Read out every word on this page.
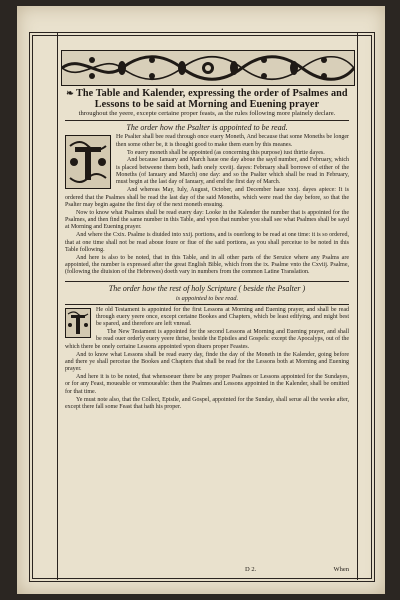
❧ The Table and Kalender, expressing the order of Psalmes and Lessons to be said at Morning and Euening prayer

throughout the yeere, excepte certaine proper feasts, as the rules following more plainely declare.

The order how the Psalter is appointed to be read.

He Psalter shall bee read through once euery Moneth, And because that some Moneths be longer then some other be, it is thought good to make them euen by this meanes.

To euery moneth shall be appointed (as concerning this purpose) iust thirtie dayes.

And because Ianuary and March haue one day aboue the sayd number, and February, which is placed betweene them both, hath onely xxviij. dayes: February shall borrowe of either of the Moneths (of Ianuary and March) one day: and so the Psalter which shall be read in February, must begin at the last day of Ianuary, and end the first day of March.

And whereas May, Iuly, August, October, and December haue xxxj. dayes apiece: It is ordered that the Psalmes shall be read the last day of the said Moneths, which were read the day before, so that the Psalter may begin againe the first day of the next moneth ensuing.

Now to know what Psalmes shall be read euery day: Looke in the Kalender the number that is appointed for the Psalmes, and then find the same number in this Table, and vpon that number you shall see what Psalmes shall be sayd at Morning and Euening prayer.

And where the Cxix. Psalme is diuided into xxij. portions, and is ouerlong to be read at one time: it is so ordered, that at one time shall not be read aboue foure or fiue of the said portions, as you shall perceiue to be noted in this Table following.

And here is also to be noted, that in this Table, and in all other parts of the Seruice where any Psalms are appointed, the number is expressed after the great English Bible, which from the ix. Psalme vnto the Cxviij. Psalme, (following the diuision of the Hebrewes) doeth vary in numbers from the common Latine Translation.

The order how the rest of holy Scripture ( beside the Psalter )
is appointed to bee read.

He old Testament is appointed for the first Lessons at Morning and Euening prayer, and shall be read through euery yeere once, except certaine Bookes and Chapters, which be least edifying, and might best be spared, and therefore are left vnread.

The New Testament is appointed for the second Lessons at Morning and Euening prayer, and shall be read ouer orderly euery yeere thrise, beside the Epistles and Gospels: except the Apocalyps, out of the which there be onely certaine Lessons appointed vpon diuers proper Feastes.

And to know what Lessons shall be read euery day, finde the day of the Moneth in the Kalender, going before and there ye shall perceiue the Bookes and Chapters that shall be read for the Lessons both at Morning and Euening prayer.

And here it is to be noted, that whensoeuer there be any proper Psalmes or Lessons appointed for the Sundayes, or for any Feast, moueable or vnmoueable: then the Psalmes and Lessons appointed in the Kalender, shall be omitted for that time.

Ye must note also, that the Collect, Epistle, and Gospel, appointed for the Sunday, shall serue all the weeke after, except there fall some Feast that hath his proper.

D 2.	When
